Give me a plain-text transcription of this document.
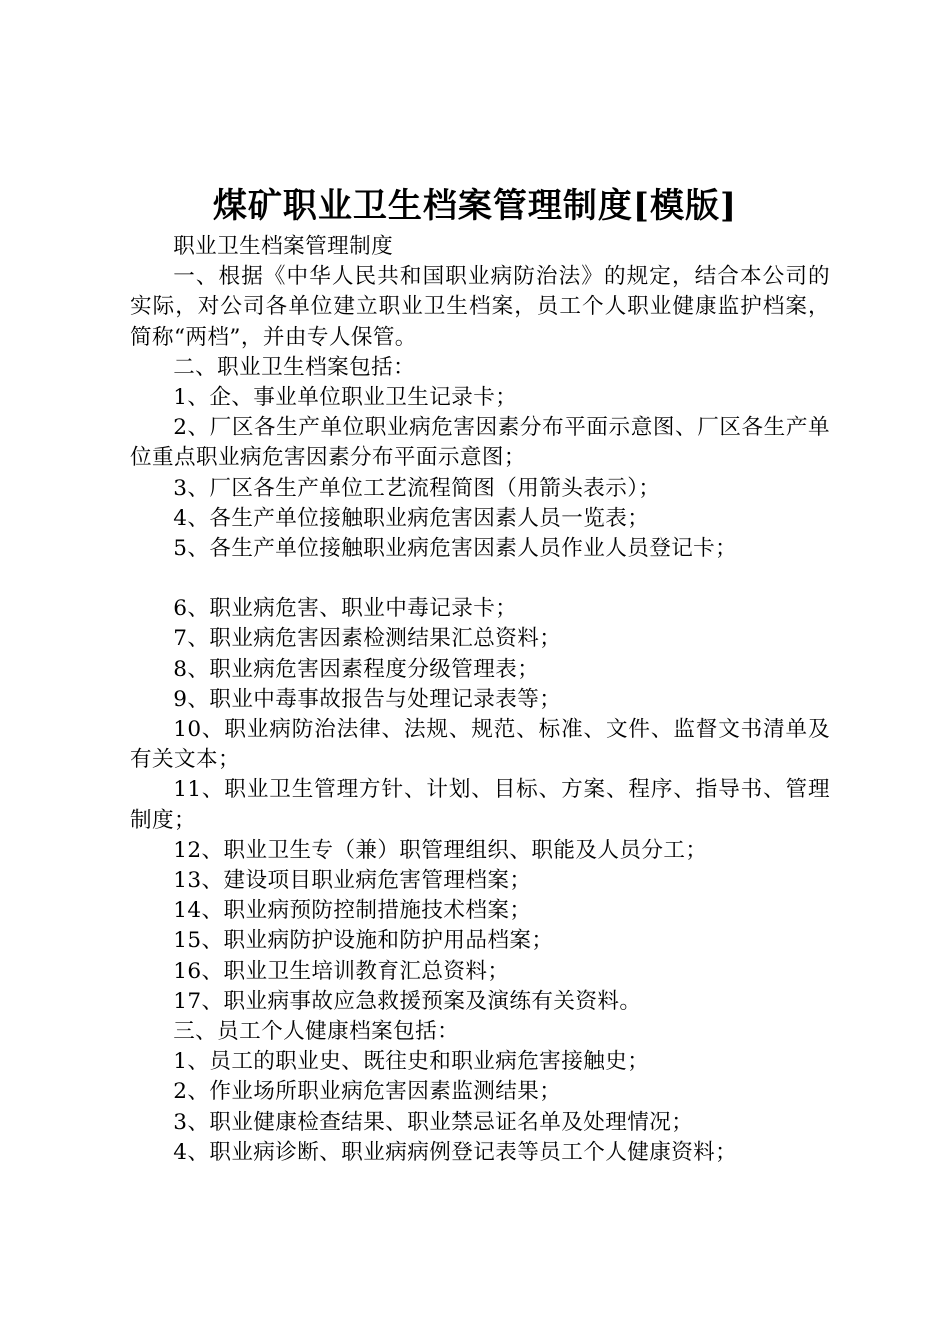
煤矿职业卫生档案管理制度[模版]

职业卫生档案管理制度

一、根据《中华人民共和国职业病防治法》的规定，结合本公司的实际，对公司各单位建立职业卫生档案，员工个人职业健康监护档案，简称“两档”，并由专人保管。

二、职业卫生档案包括：

1、企、事业单位职业卫生记录卡；

2、厂区各生产单位职业病危害因素分布平面示意图、厂区各生产单位重点职业病危害因素分布平面示意图；

3、厂区各生产单位工艺流程简图（用箭头表示）；

4、各生产单位接触职业病危害因素人员一览表；

5、各生产单位接触职业病危害因素人员作业人员登记卡；

6、职业病危害、职业中毒记录卡；

7、职业病危害因素检测结果汇总资料；

8、职业病危害因素程度分级管理表；

9、职业中毒事故报告与处理记录表等；

10、职业病防治法律、法规、规范、标准、文件、监督文书清单及有关文本；

11、职业卫生管理方针、计划、目标、方案、程序、指导书、管理制度；

12、职业卫生专（兼）职管理组织、职能及人员分工；

13、建设项目职业病危害管理档案；

14、职业病预防控制措施技术档案；

15、职业病防护设施和防护用品档案；

16、职业卫生培训教育汇总资料；

17、职业病事故应急救援预案及演练有关资料。

三、员工个人健康档案包括：

1、员工的职业史、既往史和职业病危害接触史；

2、作业场所职业病危害因素监测结果；

3、职业健康检查结果、职业禁忌证名单及处理情况；

4、职业病诊断、职业病病例登记表等员工个人健康资料；
